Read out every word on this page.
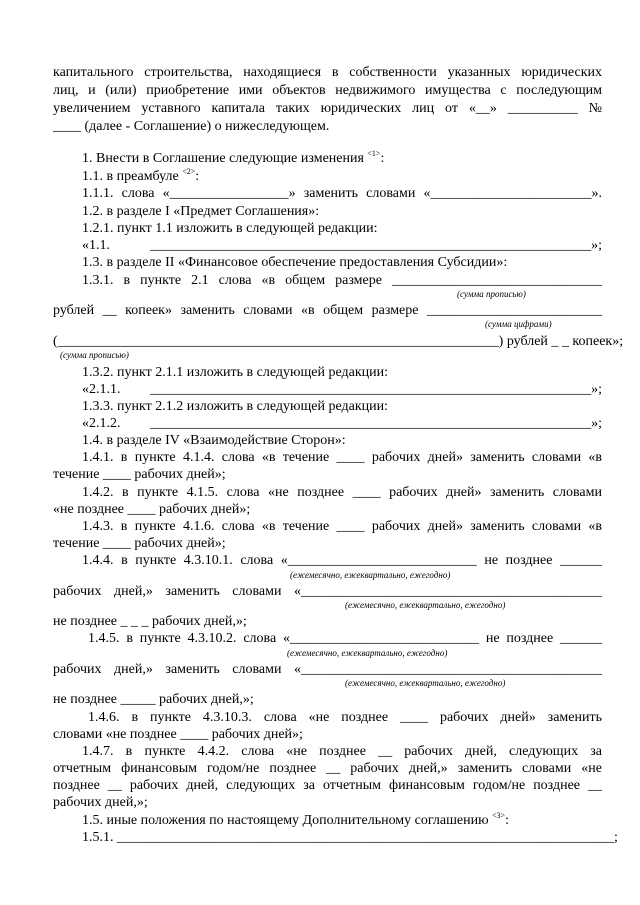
капитального строительства, находящиеся в собственности указанных юридических
лиц, и (или) приобретение ими объектов недвижимого имущества с последующим
увеличением уставного капитала таких юридических лиц от «__» __________ №
____ (далее - Соглашение) о нижеследующем.
1. Внести в Соглашение следующие изменения $^{<1>}$:
1.1. в преамбуле $^{<2>}$:
1.1.1. слова «_________________» заменить словами «_______________________».
1.2. в разделе I «Предмет Соглашения»:
1.2.1. пункт 1.1 изложить в следующей редакции:
«1.1. _______________________________________________________________»;
1.3. в разделе II «Финансовое обеспечение предоставления Субсидии»:
1.3.1. в пункте 2.1 слова «в общем размере ______________________________
(сумма прописью)
рублей __ копеек» заменить словами «в общем размере _________________________
(сумма цифрами)
(_______________________________________________________________) рублей _ _ копеек»;
(сумма прописью)
1.3.2. пункт 2.1.1 изложить в следующей редакции:
«2.1.1. _______________________________________________________________»;
1.3.3. пункт 2.1.2 изложить в следующей редакции:
«2.1.2. _______________________________________________________________»;
1.4. в разделе IV «Взаимодействие Сторон»:
1.4.1. в пункте 4.1.4. слова «в течение ____ рабочих дней» заменить словами «в
течение ____ рабочих дней»;
1.4.2. в пункте 4.1.5. слова «не позднее ____ рабочих дней» заменить словами
«не позднее ____ рабочих дней»;
1.4.3. в пункте 4.1.6. слова «в течение ____ рабочих дней» заменить словами «в
течение ____ рабочих дней»;
1.4.4. в пункте 4.3.10.1. слова «___________________________ не позднее ______
(ежемесячно, ежеквартально, ежегодно)
рабочих дней,» заменить словами «___________________________________________
(ежемесячно, ежеквартально, ежегодно)
не позднее _ _ _ рабочих дней,»;
1.4.5. в пункте 4.3.10.2. слова «___________________________ не позднее ______
(ежемесячно, ежеквартально, ежегодно)
рабочих дней,» заменить словами «___________________________________________
(ежемесячно, ежеквартально, ежегодно)
не позднее _____ рабочих дней,»;
1.4.6. в пункте 4.3.10.3. слова «не позднее ____ рабочих дней» заменить
словами «не позднее ____ рабочих дней»;
1.4.7. в пункте 4.4.2. слова «не позднее __ рабочих дней, следующих за
отчетным финансовым годом/не позднее __ рабочих дней,» заменить словами «не
позднее __ рабочих дней, следующих за отчетным финансовым годом/не позднее __
рабочих дней,»;
1.5. иные положения по настоящему Дополнительному соглашению $^{<3>}$:
1.5.1. _______________________________________________________________________;
